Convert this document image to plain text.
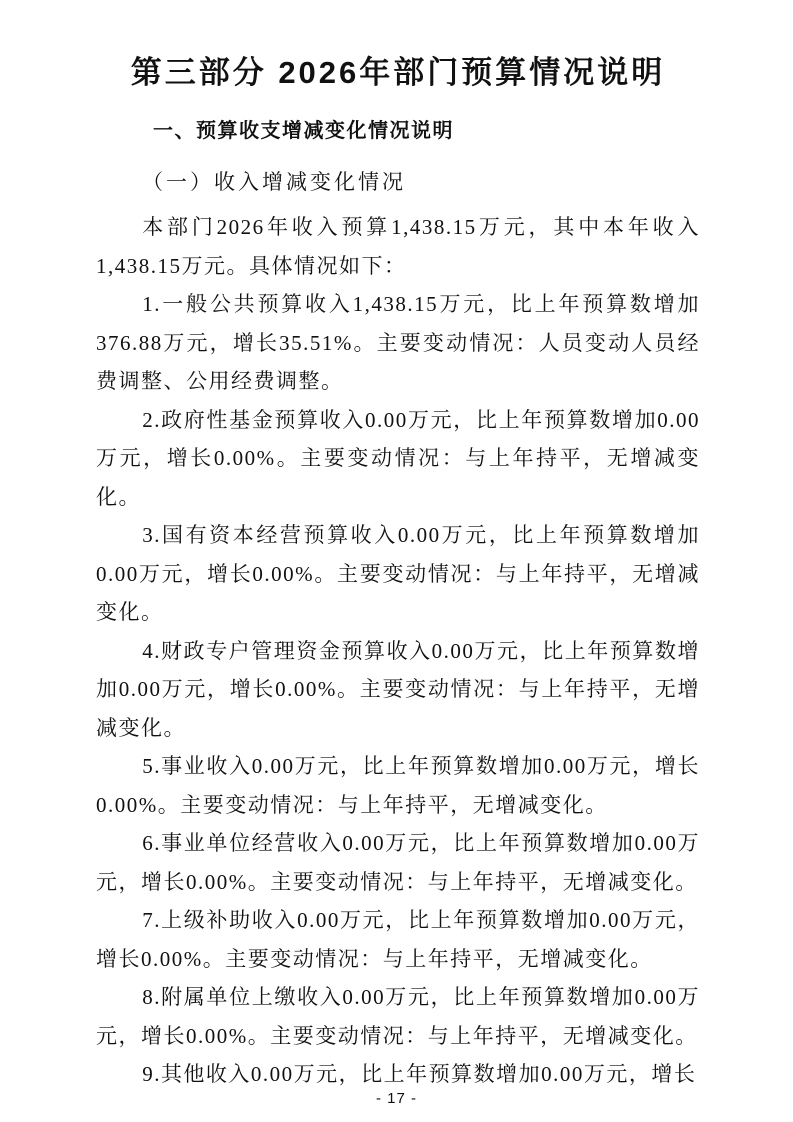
第三部分 2026年部门预算情况说明
一、预算收支增减变化情况说明
（一）收入增减变化情况

本部门2026年收入预算1,438.15万元，其中本年收入1,438.15万元。具体情况如下：

1.一般公共预算收入1,438.15万元，比上年预算数增加376.88万元，增长35.51%。主要变动情况：人员变动人员经费调整、公用经费调整。

2.政府性基金预算收入0.00万元，比上年预算数增加0.00万元，增长0.00%。主要变动情况：与上年持平，无增减变化。

3.国有资本经营预算收入0.00万元，比上年预算数增加0.00万元，增长0.00%。主要变动情况：与上年持平，无增减变化。

4.财政专户管理资金预算收入0.00万元，比上年预算数增加0.00万元，增长0.00%。主要变动情况：与上年持平，无增减变化。

5.事业收入0.00万元，比上年预算数增加0.00万元，增长0.00%。主要变动情况：与上年持平，无增减变化。

6.事业单位经营收入0.00万元，比上年预算数增加0.00万元，增长0.00%。主要变动情况：与上年持平，无增减变化。

7.上级补助收入0.00万元，比上年预算数增加0.00万元，增长0.00%。主要变动情况：与上年持平，无增减变化。

8.附属单位上缴收入0.00万元，比上年预算数增加0.00万元，增长0.00%。主要变动情况：与上年持平，无增减变化。

9.其他收入0.00万元，比上年预算数增加0.00万元，增长

- 17 -
